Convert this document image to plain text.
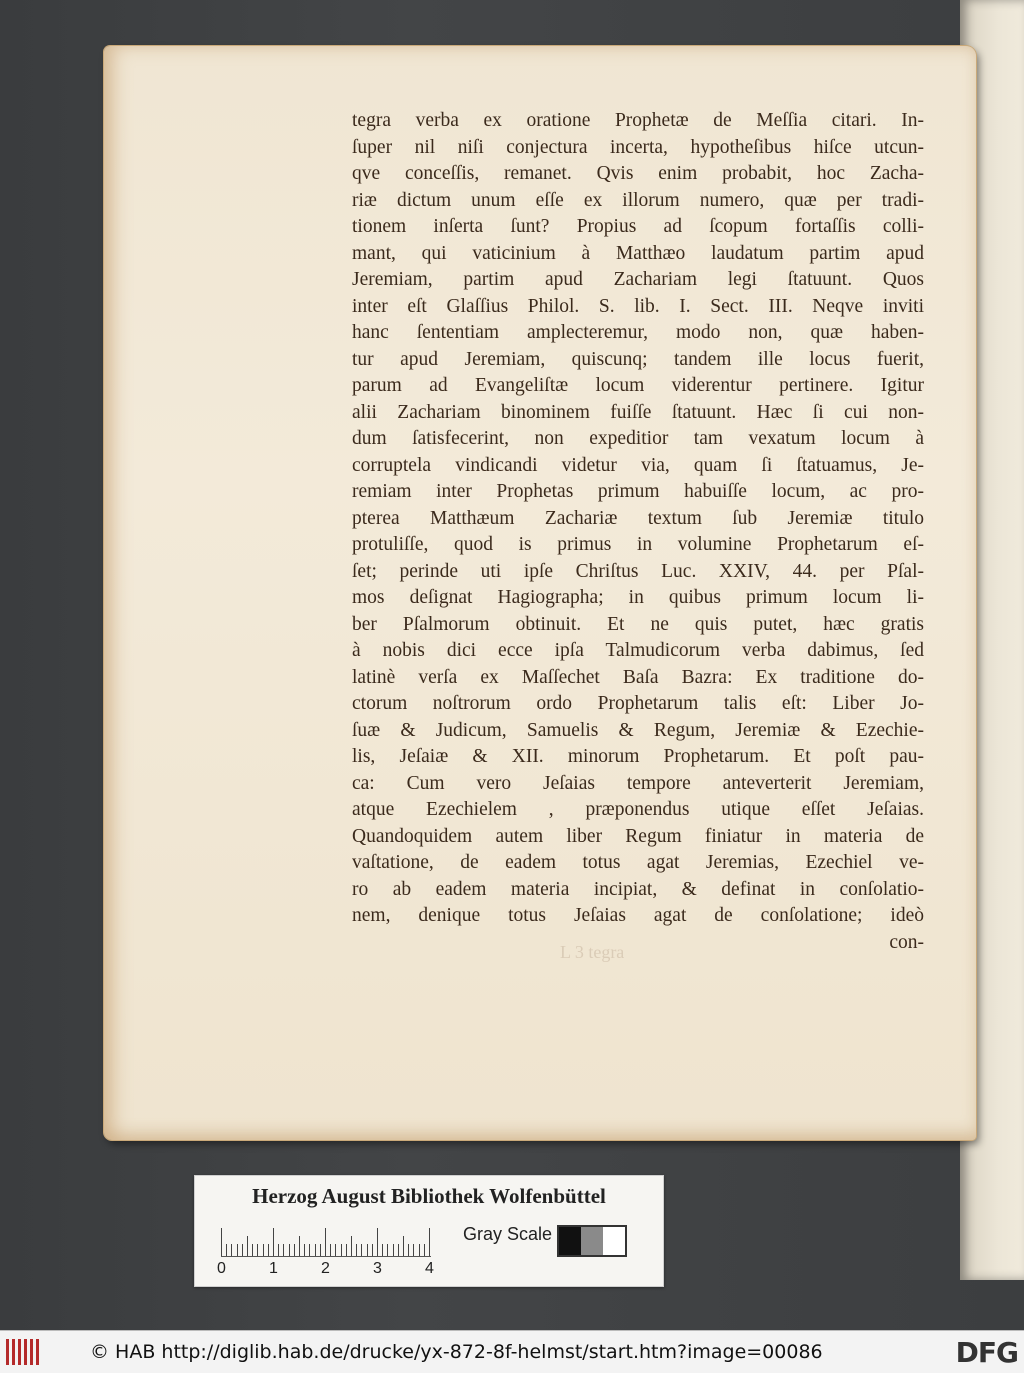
tegra verba ex oratione Prophetæ de Meſſia citari. In-
ſuper nil niſi conjectura incerta, hypotheſibus hiſce utcun-
qve conceſſis, remanet. Qvis enim probabit, hoc Zacha-
riæ dictum unum eſſe ex illorum numero, quæ per tradi-
tionem inſerta ſunt? Propius ad ſcopum fortaſſis colli-
mant, qui vaticinium à Matthæo laudatum partim apud
Jeremiam, partim apud Zachariam legi ſtatuunt. Quos
inter eſt Glaſſius Philol. S. lib. I. Sect. III. Neqve inviti
hanc ſententiam amplecteremur, modo non, quæ haben-
tur apud Jeremiam, quiscunq; tandem ille locus fuerit,
parum ad Evangeliſtæ locum viderentur pertinere. Igitur
alii Zachariam binominem fuiſſe ſtatuunt. Hæc ſi cui non-
dum ſatisfecerint, non expeditior tam vexatum locum à
corruptela vindicandi videtur via, quam ſi ſtatuamus, Je-
remiam inter Prophetas primum habuiſſe locum, ac pro-
pterea Matthæum Zachariæ textum ſub Jeremiæ titulo
protuliſſe, quod is primus in volumine Prophetarum eſ-
ſet; perinde uti ipſe Chriſtus Luc. XXIV, 44. per Pſal-
mos deſignat Hagiographa; in quibus primum locum li-
ber Pſalmorum obtinuit. Et ne quis putet, hæc gratis
à nobis dici ecce ipſa Talmudicorum verba dabimus, ſed
latinè verſa ex Maſſechet Baſa Bazra: Ex traditione do-
ctorum noſtrorum ordo Prophetarum talis eſt: Liber Jo-
ſuæ & Judicum, Samuelis & Regum, Jeremiæ & Ezechie-
lis, Jeſaiæ & XII. minorum Prophetarum. Et poſt pau-
ca: Cum vero Jeſaias tempore anteverterit Jeremiam,
atque Ezechielem , præponendus utique eſſet Jeſaias.
Quandoquidem autem liber Regum finiatur in materia de
vaſtatione, de eadem totus agat Jeremias, Ezechiel ve-
ro ab eadem materia incipiat, & definat in conſolatio-
nem, denique totus Jeſaias agat de conſolatione; ideò
con-
L 3 tegra
Herzog August Bibliothek Wolfenbüttel
0	1	2	3	4
Gray Scale
© HAB http://diglib.hab.de/drucke/yx-872-8f-helmst/start.htm?image=00086	DFG
